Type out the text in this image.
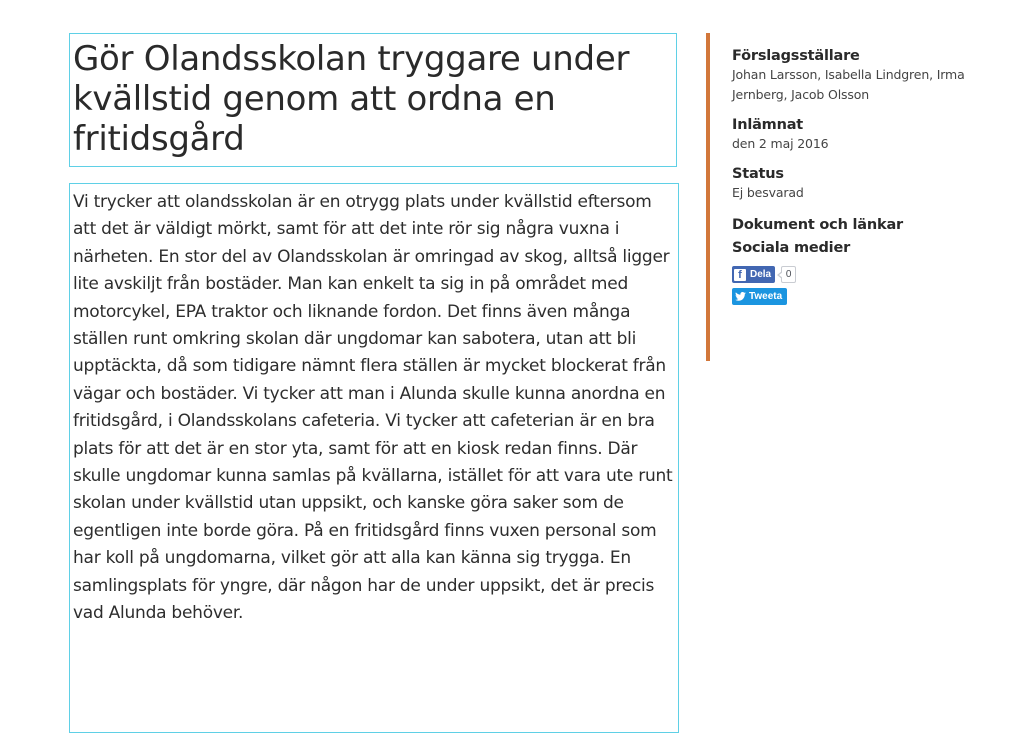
Gör Olandsskolan tryggare under kvällstid genom att ordna en fritidsgård

Vi trycker att olandsskolan är en otrygg plats under kvällstid eftersom att det är väldigt mörkt, samt för att det inte rör sig några vuxna i närheten. En stor del av Olandsskolan är omringad av skog, alltså ligger lite avskiljt från bostäder. Man kan enkelt ta sig in på området med motorcykel, EPA traktor och liknande fordon. Det finns även många ställen runt omkring skolan där ungdomar kan sabotera, utan att bli upptäckta, då som tidigare nämnt flera ställen är mycket blockerat från vägar och bostäder. Vi tycker att man i Alunda skulle kunna anordna en fritidsgård, i Olandsskolans cafeteria. Vi tycker att cafeterian är en bra plats för att det är en stor yta, samt för att en kiosk redan finns. Där skulle ungdomar kunna samlas på kvällarna, istället för att vara ute runt skolan under kvällstid utan uppsikt, och kanske göra saker som de egentligen inte borde göra. På en fritidsgård finns vuxen personal som har koll på ungdomarna, vilket gör att alla kan känna sig trygga. En samlingsplats för yngre, där någon har de under uppsikt, det är precis vad Alunda behöver.

Förslagsställare
Johan Larsson, Isabella Lindgren, Irma Jernberg, Jacob Olsson
Inlämnat
den 2 maj 2016
Status
Ej besvarad
Dokument och länkar
Sociala medier
f Dela	0
Tweeta
